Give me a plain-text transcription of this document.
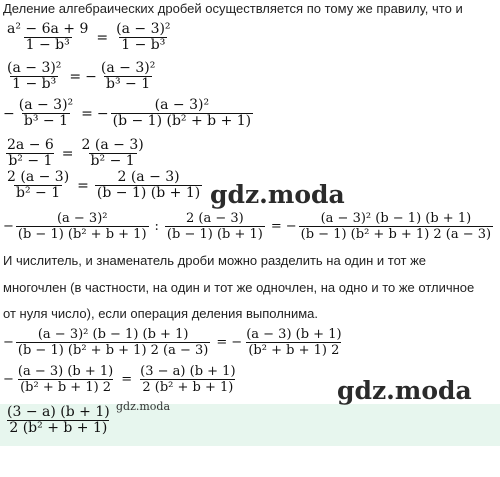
Деление алгебраических дробей осуществляется по тому же правилу, что и
$\frac{\text{a² − 6a + 9}}{\text{1 − b³}} = \frac{\text{(a − 3)²}}{\text{1 − b³}}$
$\frac{\text{(a − 3)²}}{\text{1 − b³}}$ = − $\frac{\text{(a − 3)²}}{\text{b³ − 1}}$
− $\frac{\text{(a − 3)²}}{\text{b³ − 1}}$ = − $\frac{\text{(a − 3)²}}{\text{(b − 1) (b² + b + 1)}}$
$\frac{2a - 6}{\text{b² − 1}} = \frac{2 (a - 3)}{\text{b² − 1}}$
$\frac{2 (a - 3)}{\text{b² − 1}} = \frac{2 (a - 3)}{(b - 1) (b + 1)}$ gdz.moda
− $\frac{\text{(a − 3)²}}{\text{(b − 1) (b² + b + 1)}}$ : $\frac{2 (a - 3)}{(b - 1) (b + 1)}$ = − $\frac{\text{(a − 3)² (b − 1) (b + 1)}}{\text{(b − 1) (b² + b + 1) 2 (a − 3)}}$
И числитель, и знаменатель дроби можно разделить на один и тот же
многочлен (в частности, на один и тот же одночлен, на одно и то же отличное
от нуля число), если операция деления выполнима.
− $\frac{\text{(a − 3)² (b − 1) (b + 1)}}{\text{(b − 1) (b² + b + 1) 2 (a − 3)}}$ = − $\frac{(a - 3) (b + 1)}{\text{(b² + b + 1) 2}}$
− $\frac{(a - 3) (b + 1)}{\text{(b² + b + 1) 2}} = \frac{(3 - a) (b + 1)}{\text{2 (b² + b + 1)}}$	gdz.moda
gdz.moda
$\frac{(3 - a) (b + 1)}{\text{2 (b² + b + 1)}}$
